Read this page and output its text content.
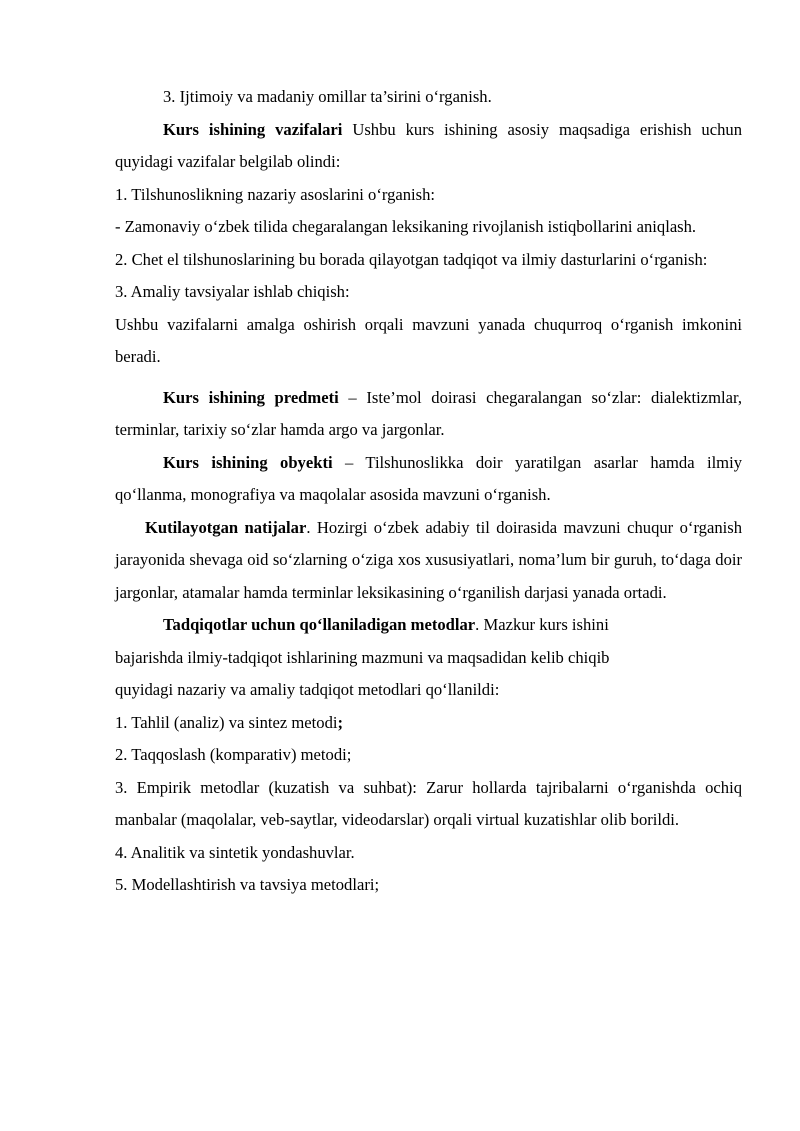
3. Ijtimoiy va madaniy omillar ta’sirini o‘rganish.

Kurs ishining vazifalari Ushbu kurs ishining asosiy maqsadiga erishish uchun quyidagi vazifalar belgilab olindi:

1. Tilshunoslikning nazariy asoslarini o‘rganish:

- Zamonaviy o‘zbek tilida chegaralangan leksikaning rivojlanish istiqbollarini aniqlash.

2. Chet el tilshunoslarining bu borada qilayotgan tadqiqot va ilmiy dasturlarini o‘rganish:

3. Amaliy tavsiyalar ishlab chiqish:

Ushbu vazifalarni amalga oshirish orqali mavzuni yanada chuqurroq o‘rganish imkonini beradi.

Kurs ishining predmeti – Iste’mol doirasi chegaralangan so‘zlar: dialektizmlar, terminlar, tarixiy so‘zlar hamda argo va jargonlar.

Kurs ishining obyekti – Tilshunoslikka doir yaratilgan asarlar hamda ilmiy qo‘llanma, monografiya va maqolalar asosida mavzuni o‘rganish.

Kutilayotgan natijalar. Hozirgi o‘zbek adabiy til doirasida mavzuni chuqur o‘rganish jarayonida shevaga oid so‘zlarning o‘ziga xos xususiyatlari, noma’lum bir guruh, to‘daga doir jargonlar, atamalar hamda terminlar leksikasining o‘rganilish darjasi yanada ortadi.

Tadqiqotlar uchun qo‘llaniladigan metodlar. Mazkur kurs ishini

bajarishda ilmiy-tadqiqot ishlarining mazmuni va maqsadidan kelib chiqib

quyidagi nazariy va amaliy tadqiqot metodlari qo‘llanildi:

1. Tahlil (analiz) va sintez metodi;

2. Taqqoslash (komparativ) metodi;

3. Empirik metodlar (kuzatish va suhbat): Zarur hollarda tajribalarni o‘rganishda ochiq manbalar (maqolalar, veb-saytlar, videodarslar) orqali virtual kuzatishlar olib borildi.

4. Analitik va sintetik yondashuvlar.

5. Modellashtirish va tavsiya metodlari;
